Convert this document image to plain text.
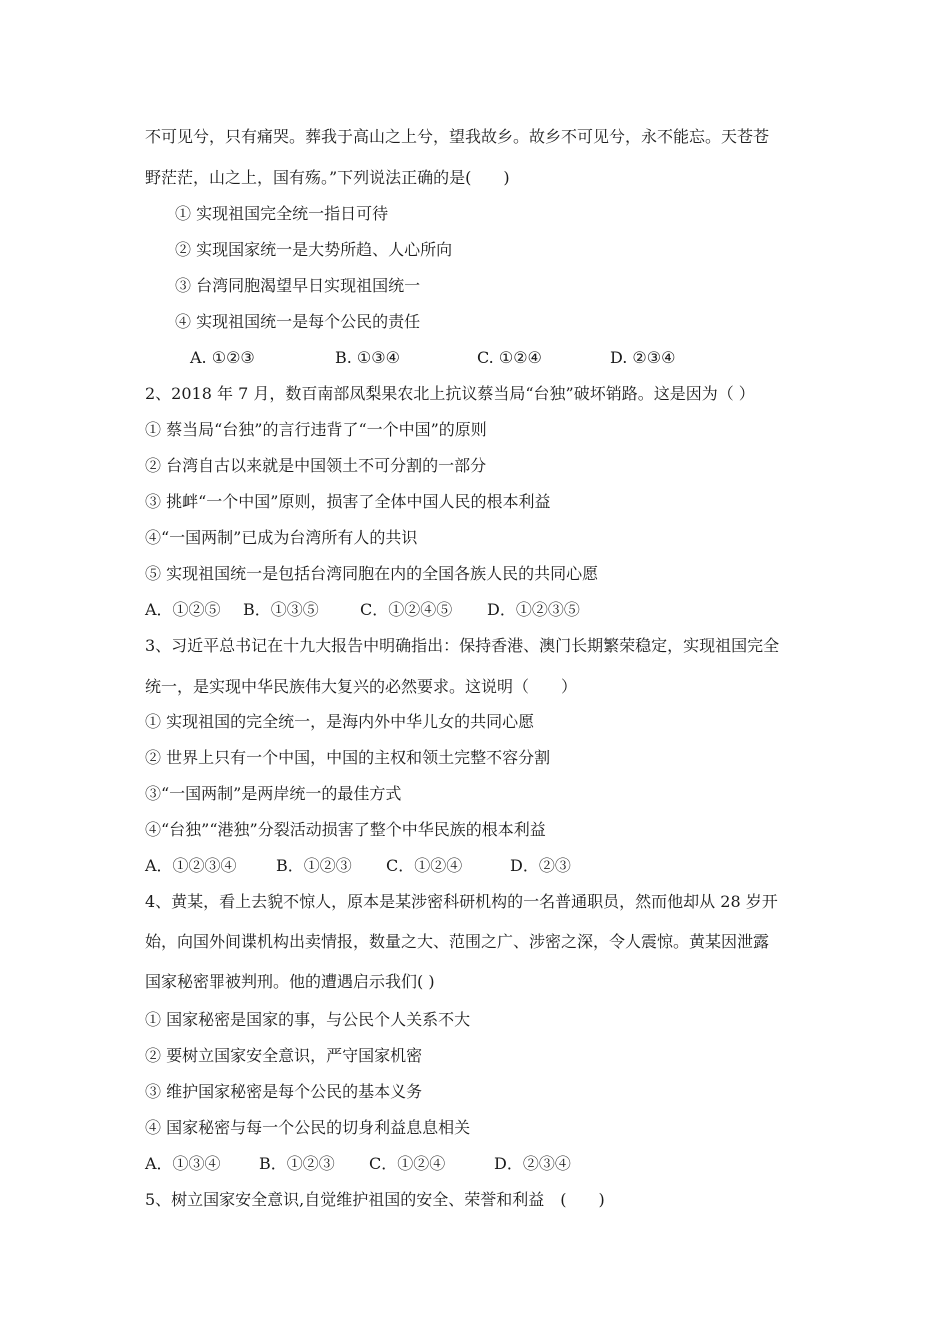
不可见兮，只有痛哭。葬我于高山之上兮，望我故乡。故乡不可见兮，永不能忘。天苍苍
野茫茫，山之上，国有殇。”下列说法正确的是(　　)
① 实现祖国完全统一指日可待
② 实现国家统一是大势所趋、人心所向
③ 台湾同胞渴望早日实现祖国统一
④ 实现祖国统一是每个公民的责任
A. ①②③	B. ①③④	C. ①②④	D. ②③④
2、2018 年 7 月，数百南部凤梨果农北上抗议蔡当局“台独”破坏销路。这是因为（ ）
① 蔡当局“台独”的言行违背了“一个中国”的原则
② 台湾自古以来就是中国领土不可分割的一部分
③ 挑衅“一个中国”原则，损害了全体中国人民的根本利益
④“一国两制”已成为台湾所有人的共识
⑤ 实现祖国统一是包括台湾同胞在内的全国各族人民的共同心愿
A．①②⑤ B．①③⑤	C．①②④⑤ D．①②③⑤
3、习近平总书记在十九大报告中明确指出：保持香港、澳门长期繁荣稳定，实现祖国完全
统一，是实现中华民族伟大复兴的必然要求。这说明（　　）
① 实现祖国的完全统一，是海内外中华儿女的共同心愿
② 世界上只有一个中国，中国的主权和领土完整不容分割
③“一国两制”是两岸统一的最佳方式
④“台独”“港独”分裂活动损害了整个中华民族的根本利益
A．①②③④ B．①②③ C．①②④	D．②③
4、黄某，看上去貌不惊人，原本是某涉密科研机构的一名普通职员，然而他却从 28 岁开
始，向国外间谍机构出卖情报，数量之大、范围之广、涉密之深，令人震惊。黄某因泄露
国家秘密罪被判刑。他的遭遇启示我们( )
① 国家秘密是国家的事，与公民个人关系不大
② 要树立国家安全意识，严守国家机密
③ 维护国家秘密是每个公民的基本义务
④ 国家秘密与每一个公民的切身利益息息相关
A．①③④ B．①②③ C．①②④	D．②③④
5、树立国家安全意识,自觉维护祖国的安全、荣誉和利益　(　　)
